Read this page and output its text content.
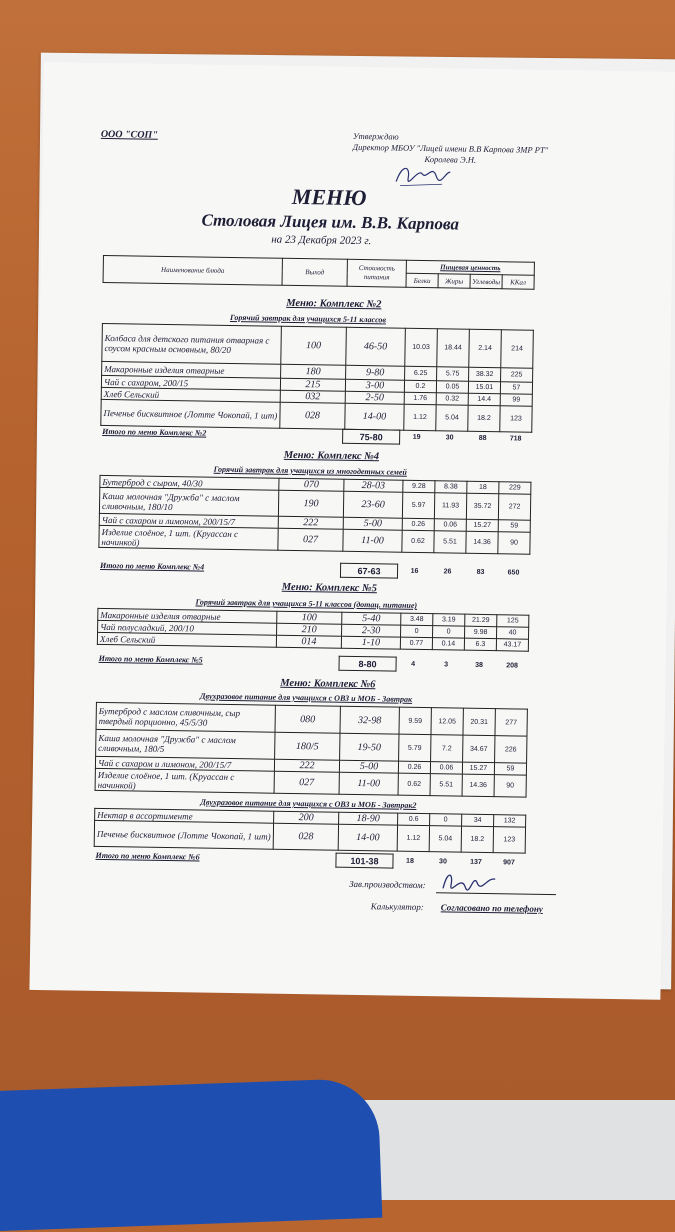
ООО "СОП"	Утверждаю
Директор МБОУ "Лицей имени В.В Карпова ЗМР РТ"
Королева Э.Н.
МЕНЮ
Столовая Лицея им. В.В. Карпова
на 23 Декабря 2023 г.
Наименование блюда	Выход	Стоимость питания	Пищевая ценность			
			Белки	Жиры	Углеводы	ККал
Меню: Комплекс №2
Горячий завтрак для учащихся 5-11 классов
Колбаса для детского питания отварная с соусом красным основным, 80/20	100	46-50	10.03	18.44	2.14	214
Макаронные изделия отварные	180	9-80	6.25	5.75	38.32	225
Чай с сахаром, 200/15	215	3-00	0.2	0.05	15.01	57
Хлеб Сельский	032	2-50	1.76	0.32	14.4	99
Печенье бисквитное (Лотте Чокопай, 1 шт)	028	14-00	1.12	5.04	18.2	123
Итого по меню Комплекс №2	75-80	19	30	88	718
Меню: Комплекс №4
Горячий завтрак для учащихся из многодетных семей
Бутерброд с сыром, 40/30	070	28-03	9.28	8.38	18	229
Каша молочная "Дружба" с маслом сливочным, 180/10	190	23-60	5.97	11.93	35.72	272
Чай с сахаром и лимоном, 200/15/7	222	5-00	0.26	0.06	15.27	59
Изделие слоёное, 1 шт. (Круассан с начинкой)	027	11-00	0.62	5.51	14.36	90
Итого по меню Комплекс №4	67-63	16	26	83	650
Меню: Комплекс №5
Горячий завтрак для учащихся 5-11 классов (дотац. питание)
Макаронные изделия отварные	100	5-40	3.48	3.19	21.29	125
Чай полусладкий, 200/10	210	2-30	0	0	9.98	40
Хлеб Сельский	014	1-10	0.77	0.14	6.3	43.17
Итого по меню Комплекс №5	8-80	4	3	38	208
Меню: Комплекс №6
Двухразовое питание для учащихся с ОВЗ и МОБ - Завтрак
Бутерброд с маслом сливочным, сыр твердый порционно, 45/5/30	080	32-98	9.59	12.05	20.31	277
Каша молочная "Дружба" с маслом сливочным, 180/5	180/5	19-50	5.79	7.2	34.67	226
Чай с сахаром и лимоном, 200/15/7	222	5-00	0.26	0.06	15.27	59
Изделие слоёное, 1 шт. (Круассан с начинкой)	027	11-00	0.62	5.51	14.36	90
Двухразовое питание для учащихся с ОВЗ и МОБ - Завтрак2
Нектар в ассортименте	200	18-90	0.6	0	34	132
Печенье бисквитное (Лотте Чокопай, 1 шт)	028	14-00	1.12	5.04	18.2	123
Итого по меню Комплекс №6	101-38	18	30	137	907
Зав.производством:
Калькулятор: Согласовано по телефону
